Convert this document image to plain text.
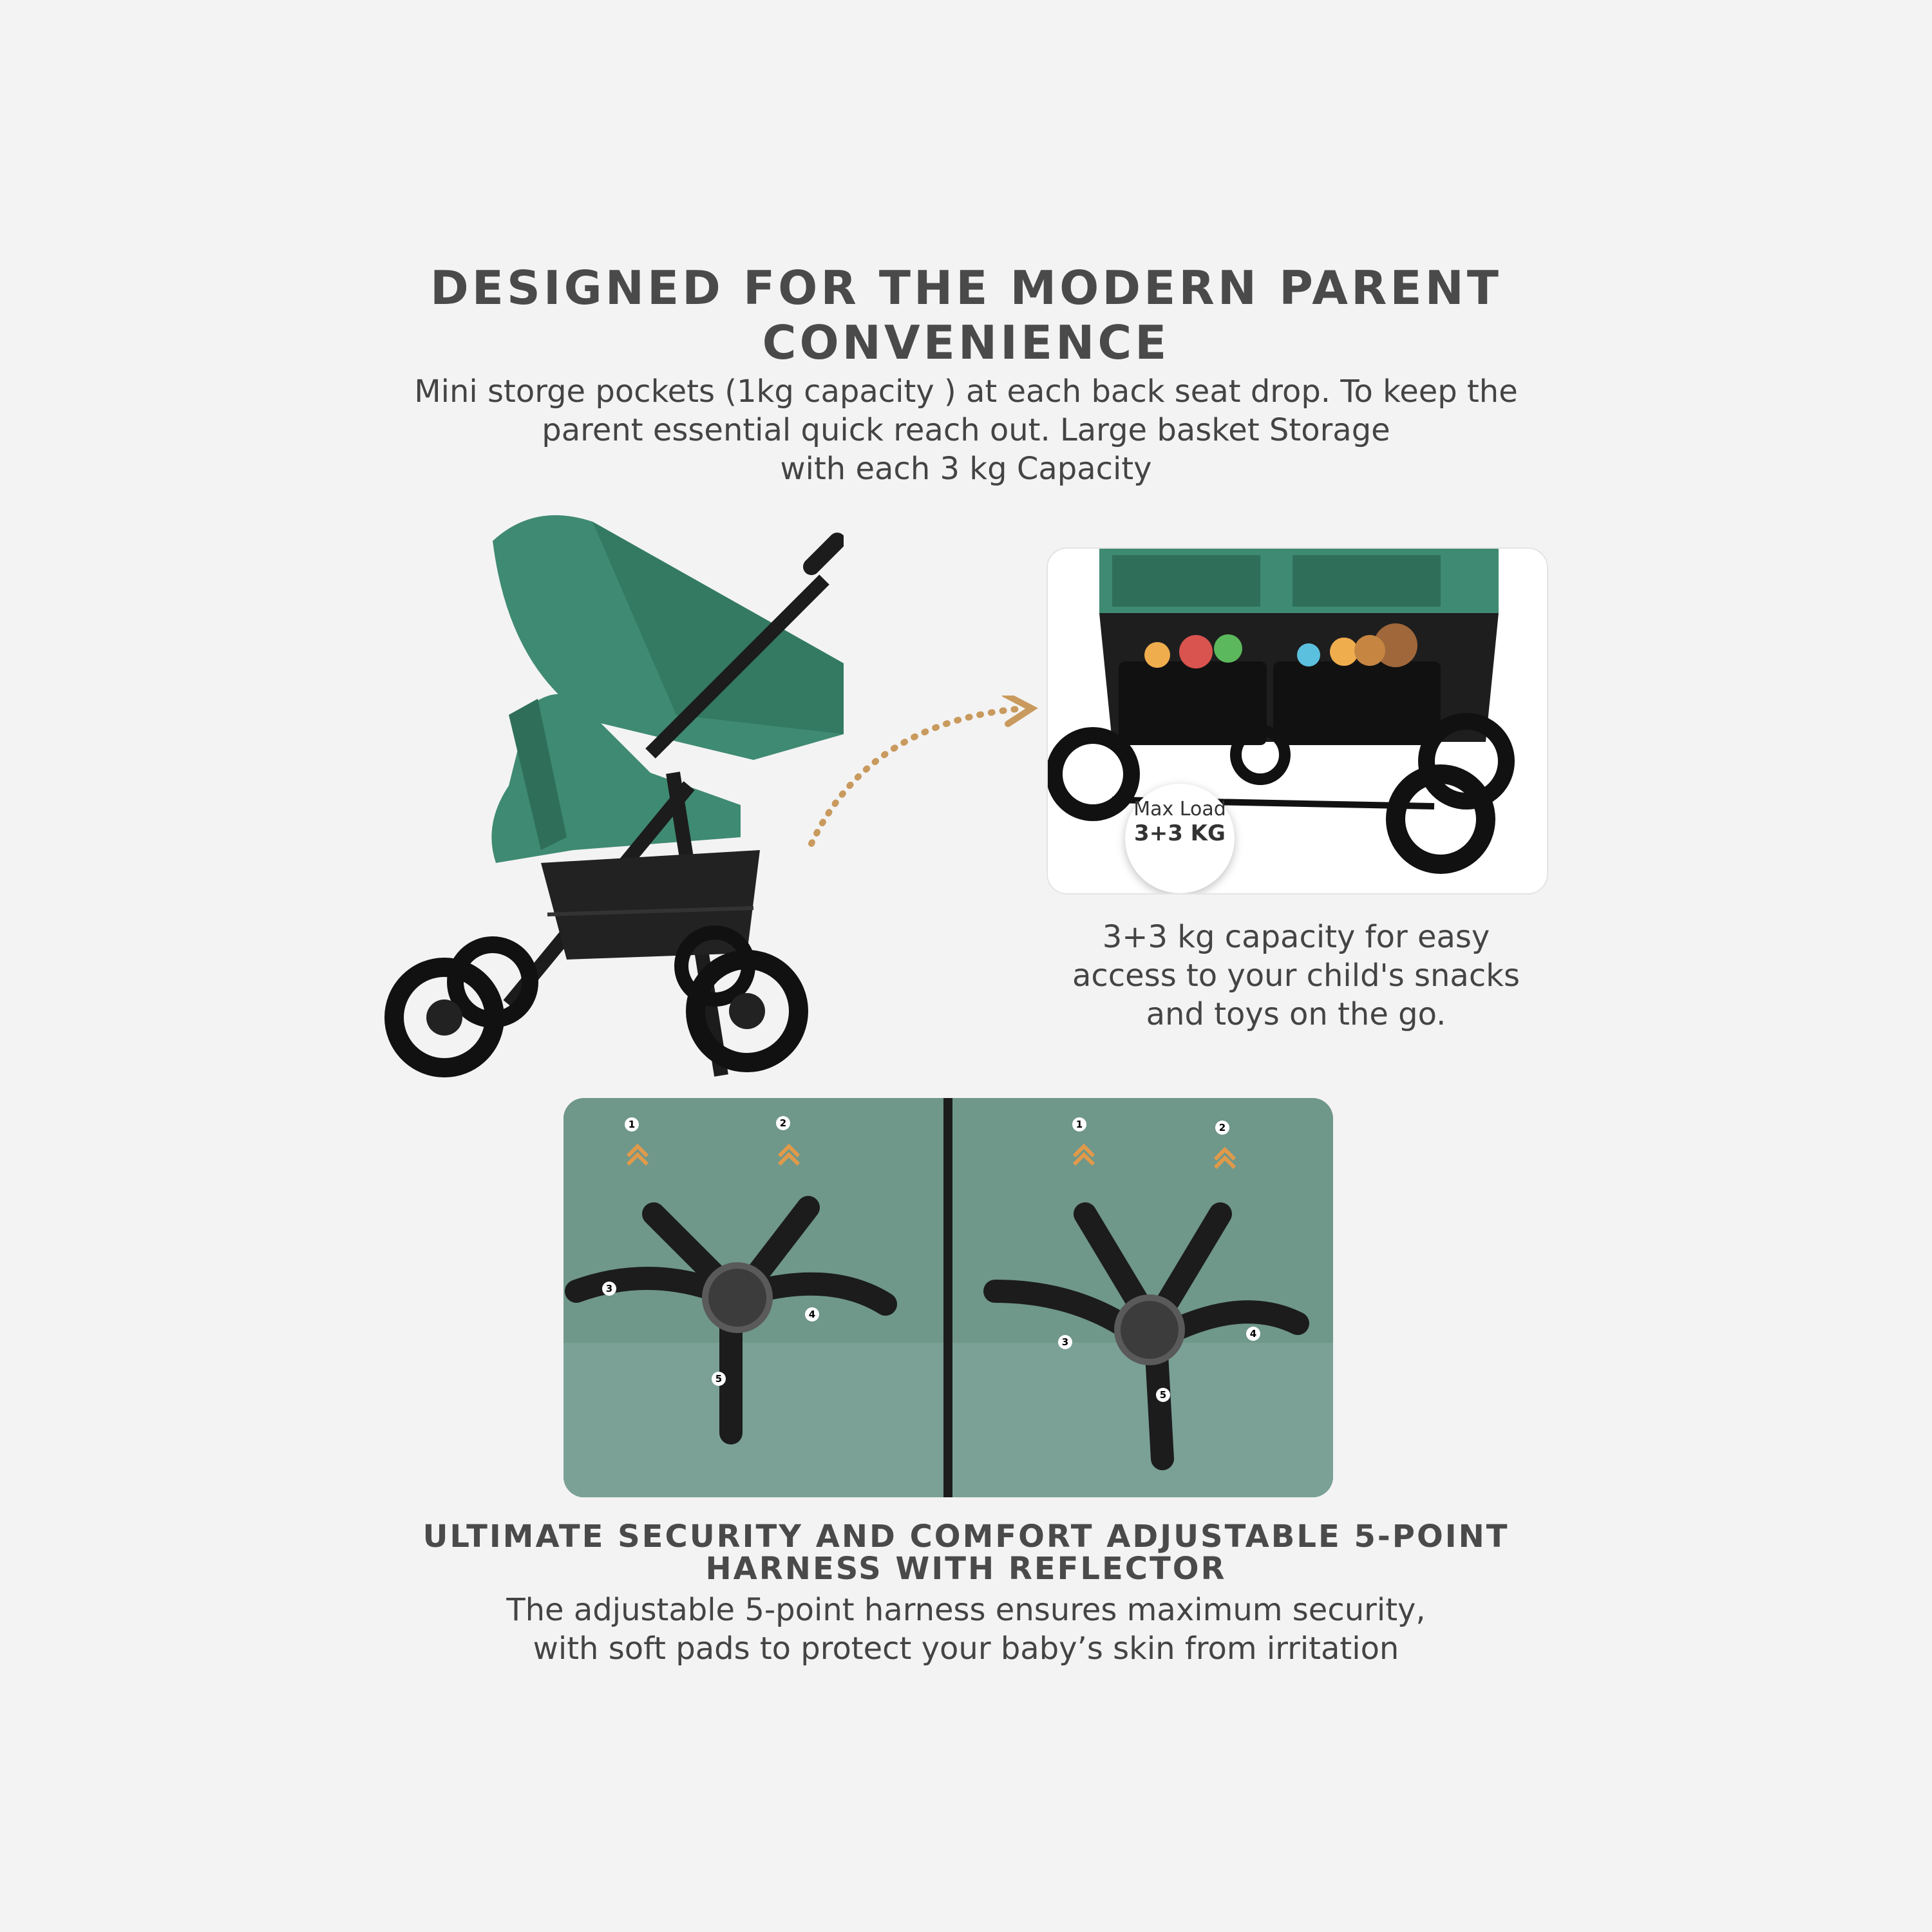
DESIGNED FOR THE MODERN PARENT
CONVENIENCE
Mini storge pockets (1kg capacity ) at each back seat drop. To keep the
parent essential quick reach out. Large basket Storage
with each 3 kg Capacity
Max Load
3+3 KG
3+3 kg capacity for easy
access to your child's snacks
and toys on the go.
1	2
3
4
5
1	2
3
4
5
ULTIMATE SECURITY AND COMFORT ADJUSTABLE 5-POINT
HARNESS WITH REFLECTOR
The adjustable 5-point harness ensures maximum security,
with soft pads to protect your baby’s skin from irritation
